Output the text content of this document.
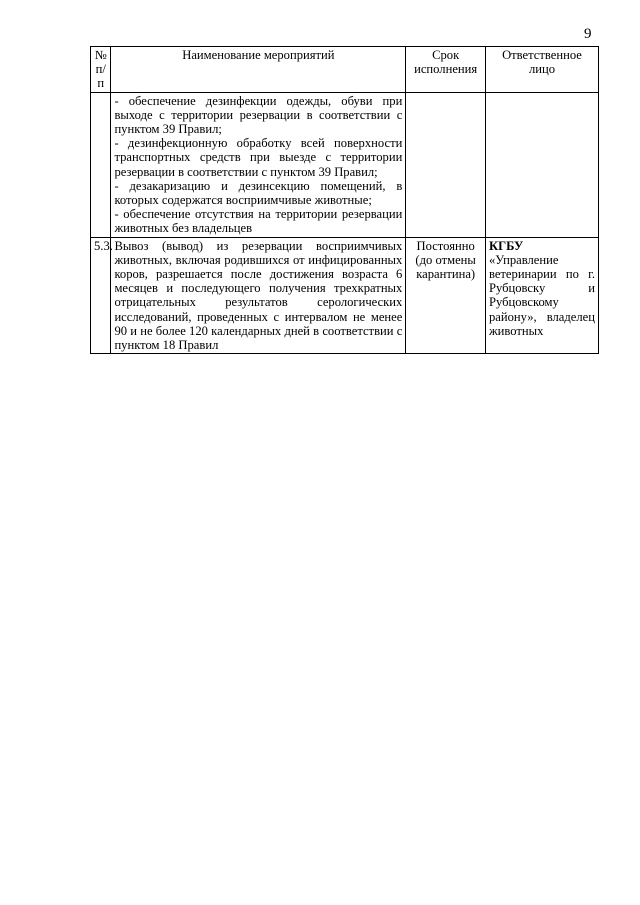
9
№ п/п	Наименование мероприятий	Срок исполнения	Ответственное лицо

	- обеспечение дезинфекции одежды, обуви при выходе с территории резервации в соответствии с пунктом 39 Правил;
- дезинфекционную обработку всей поверхности транспортных средств при выезде с территории резервации в соответствии с пунктом 39 Правил;
- дезакаризацию и дезинсекцию помещений, в которых содержатся восприимчивые животные;
- обеспечение отсутствия на территории резервации животных без владельцев		

5.3.	Вывоз (вывод) из резервации восприимчивых животных, включая родившихся от инфицированных коров, разрешается после достижения возраста 6 месяцев и последующего получения трехкратных отрицательных результатов серологических исследований, проведенных с интервалом не менее 90 и не более 120 календарных дней в соответствии с пунктом 18 Правил	Постоянно (до отмены карантина)	КГБУ
«Управление ветеринарии по г. Рубцовску и Рубцовскому району», владелец животных
